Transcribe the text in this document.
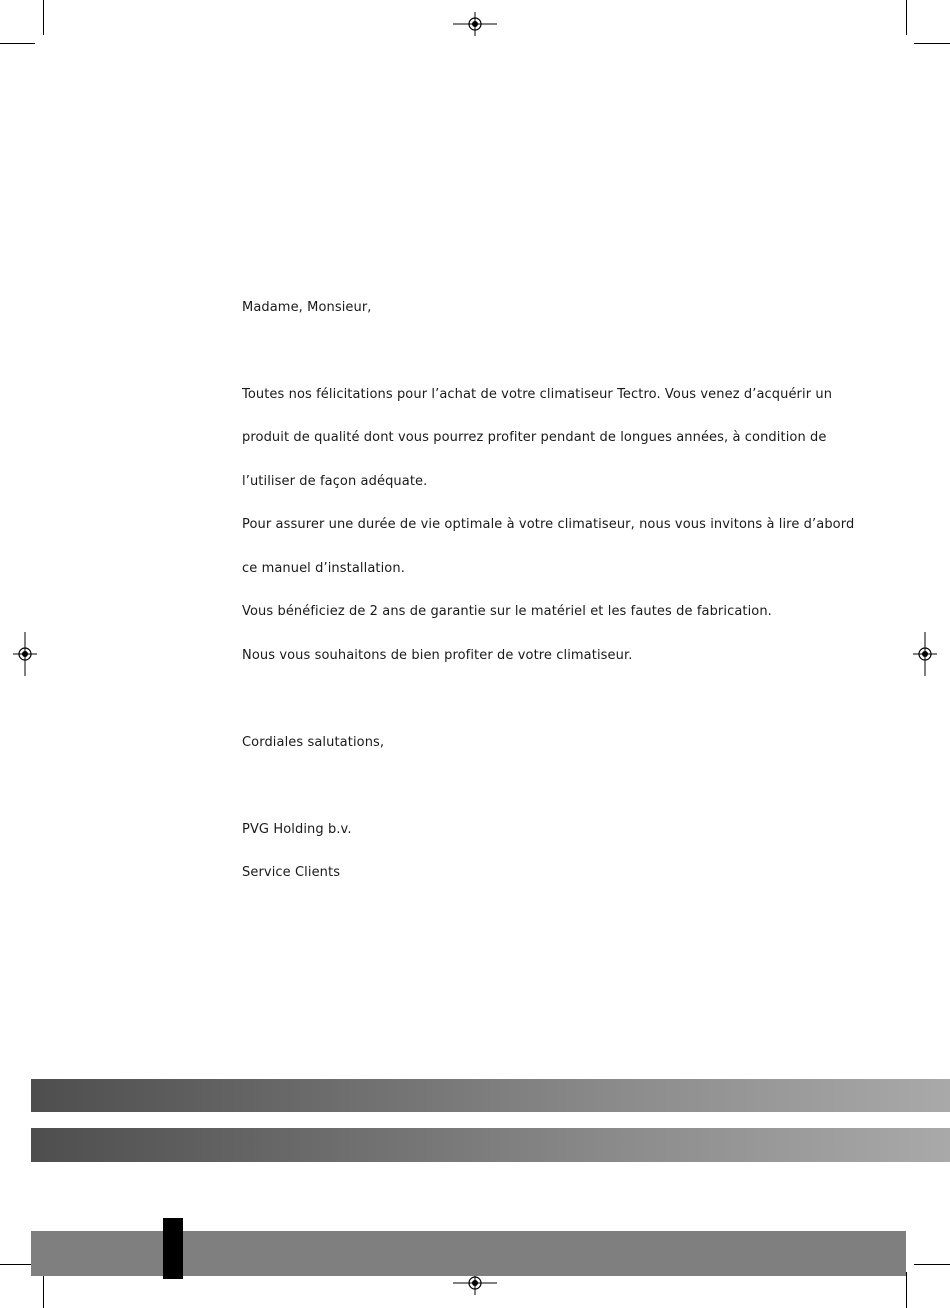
Madame, Monsieur,
Toutes nos félicitations pour l’achat de votre climatiseur Tectro. Vous venez d’acquérir un
produit de qualité dont vous pourrez profiter pendant de longues années, à condition de
l’utiliser de façon adéquate.
Pour assurer une durée de vie optimale à votre climatiseur, nous vous invitons à lire d’abord
ce manuel d’installation.
Vous bénéficiez de 2 ans de garantie sur le matériel et les fautes de fabrication.
Nous vous souhaitons de bien profiter de votre climatiseur.
Cordiales salutations,
PVG Holding b.v.
Service Clients
